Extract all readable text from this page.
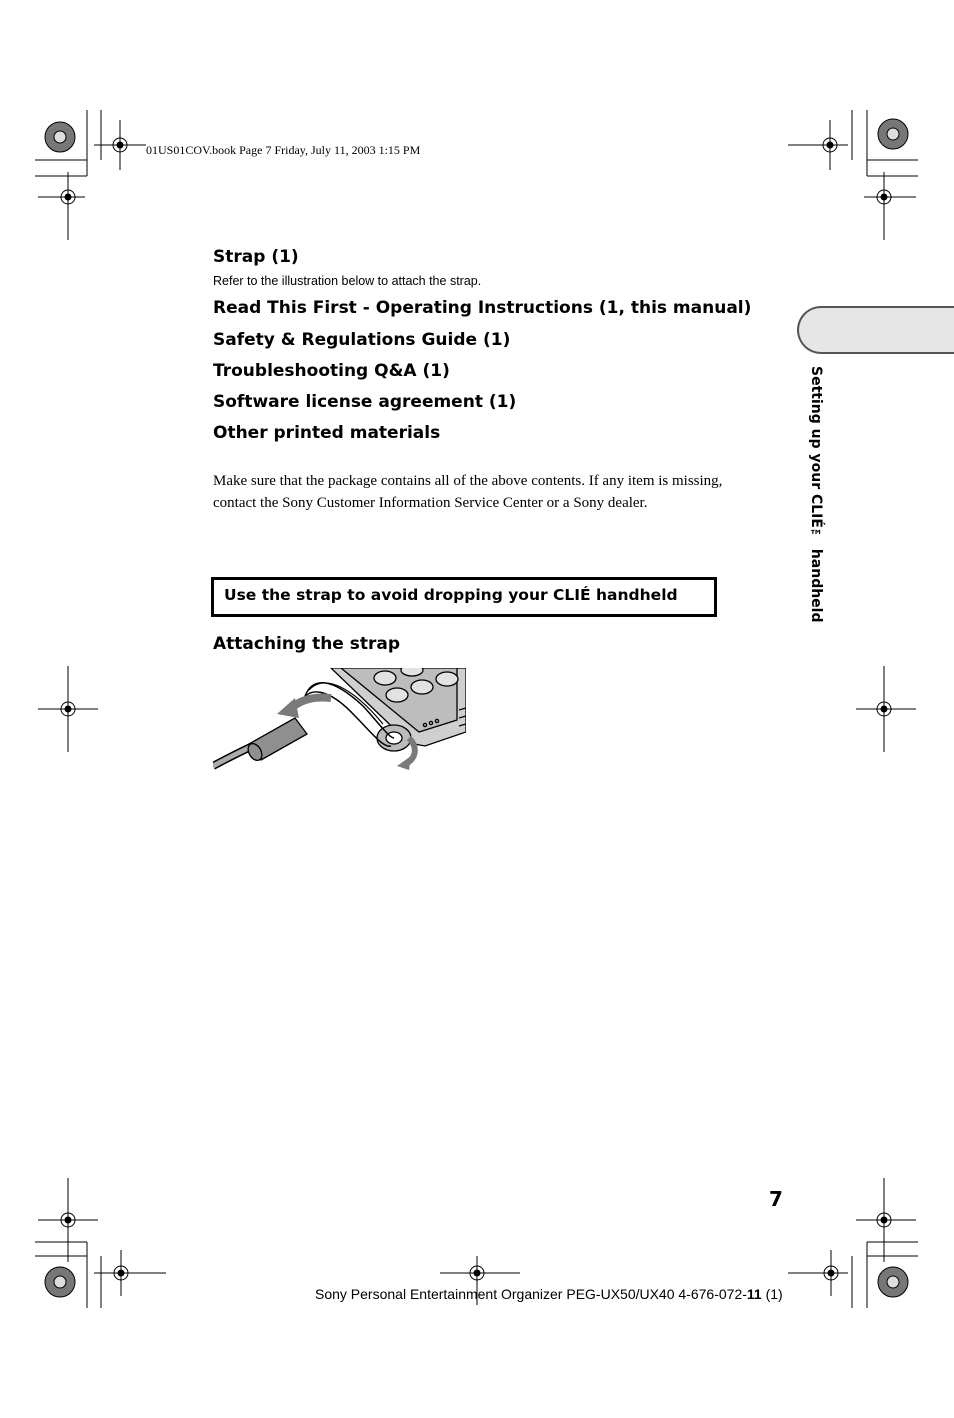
01US01COV.book Page 7 Friday, July 11, 2003 1:15 PM
Strap (1)
Refer to the illustration below to attach the strap.
Read This First - Operating Instructions (1, this manual)
Safety & Regulations Guide (1)
Troubleshooting Q&A (1)
Software license agreement (1)
Other printed materials
Make sure that the package contains all of the above contents. If any item is missing, contact the Sony Customer Information Service Center or a Sony dealer.
Use the strap to avoid dropping your CLIÉ handheld
Attaching the strap
Setting up your CLIÉ™ handheld
7
Sony Personal Entertainment Organizer PEG-UX50/UX40 4-676-072-11 (1)
